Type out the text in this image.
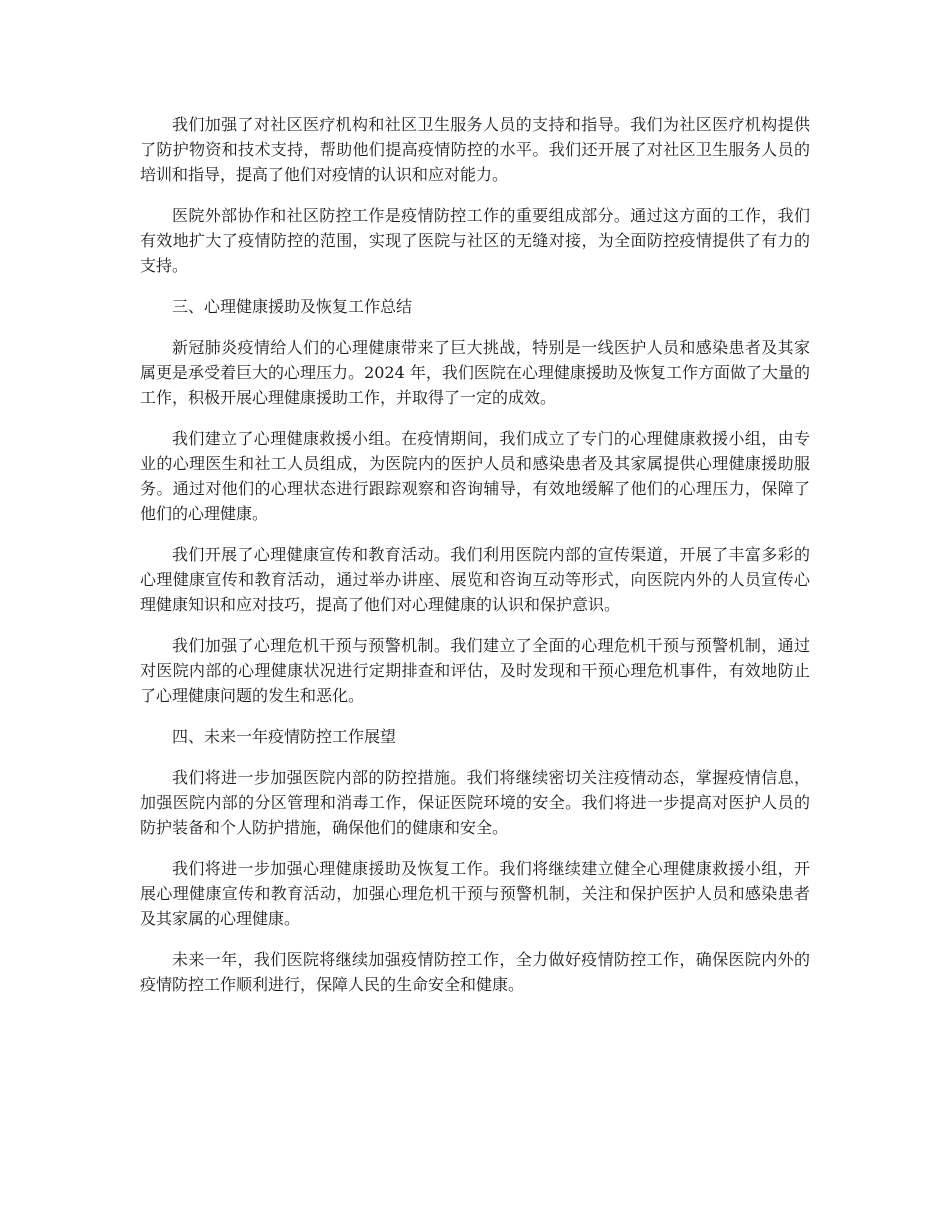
我们加强了对社区医疗机构和社区卫生服务人员的支持和指导。我们为社区医疗机构提供了防护物资和技术支持，帮助他们提高疫情防控的水平。我们还开展了对社区卫生服务人员的培训和指导，提高了他们对疫情的认识和应对能力。

医院外部协作和社区防控工作是疫情防控工作的重要组成部分。通过这方面的工作，我们有效地扩大了疫情防控的范围，实现了医院与社区的无缝对接，为全面防控疫情提供了有力的支持。

三、心理健康援助及恢复工作总结

新冠肺炎疫情给人们的心理健康带来了巨大挑战，特别是一线医护人员和感染患者及其家属更是承受着巨大的心理压力。2024 年，我们医院在心理健康援助及恢复工作方面做了大量的工作，积极开展心理健康援助工作，并取得了一定的成效。

我们建立了心理健康救援小组。在疫情期间，我们成立了专门的心理健康救援小组，由专业的心理医生和社工人员组成，为医院内的医护人员和感染患者及其家属提供心理健康援助服务。通过对他们的心理状态进行跟踪观察和咨询辅导，有效地缓解了他们的心理压力，保障了他们的心理健康。

我们开展了心理健康宣传和教育活动。我们利用医院内部的宣传渠道，开展了丰富多彩的心理健康宣传和教育活动，通过举办讲座、展览和咨询互动等形式，向医院内外的人员宣传心理健康知识和应对技巧，提高了他们对心理健康的认识和保护意识。

我们加强了心理危机干预与预警机制。我们建立了全面的心理危机干预与预警机制，通过对医院内部的心理健康状况进行定期排查和评估，及时发现和干预心理危机事件，有效地防止了心理健康问题的发生和恶化。

四、未来一年疫情防控工作展望

我们将进一步加强医院内部的防控措施。我们将继续密切关注疫情动态，掌握疫情信息，加强医院内部的分区管理和消毒工作，保证医院环境的安全。我们将进一步提高对医护人员的防护装备和个人防护措施，确保他们的健康和安全。

我们将进一步加强心理健康援助及恢复工作。我们将继续建立健全心理健康救援小组，开展心理健康宣传和教育活动，加强心理危机干预与预警机制，关注和保护医护人员和感染患者及其家属的心理健康。

未来一年，我们医院将继续加强疫情防控工作，全力做好疫情防控工作，确保医院内外的疫情防控工作顺利进行，保障人民的生命安全和健康。
